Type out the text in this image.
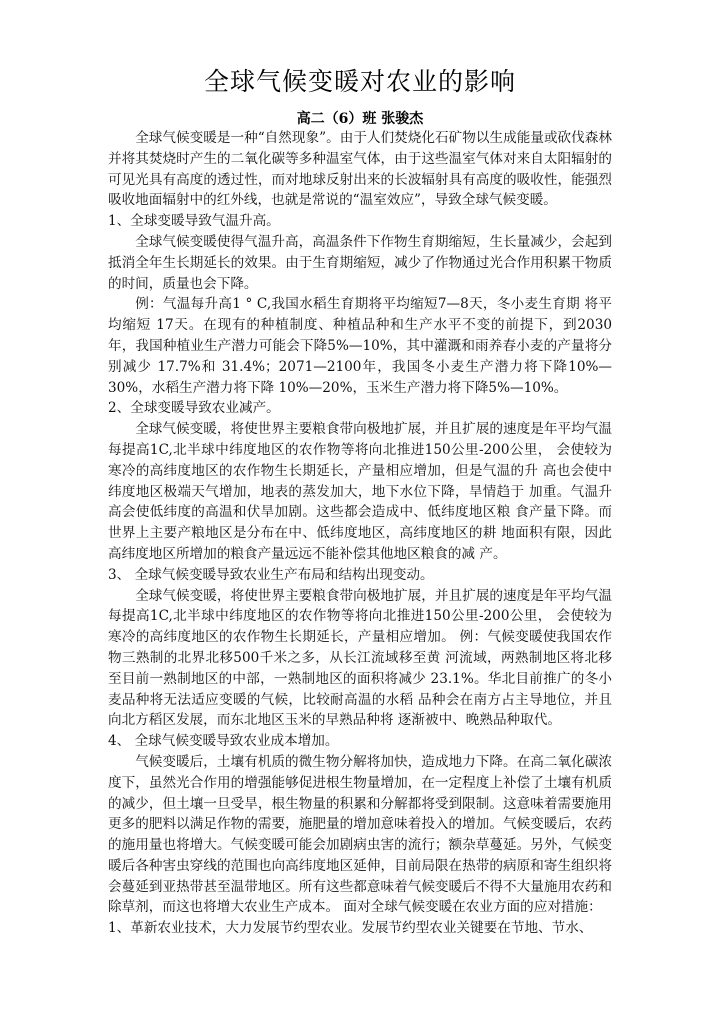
全球气候变暖对农业的影响
高二（6）班 张骏杰

全球气候变暖是一种“自然现象”。由于人们焚烧化石矿物以生成能量或砍伐森林并将其焚烧时产生的二氧化碳等多种温室气体，由于这些温室气体对来自太阳辐射的可见光具有高度的透过性，而对地球反射出来的长波辐射具有高度的吸收性，能强烈吸收地面辐射中的红外线，也就是常说的“温室效应”，导致全球气候变暖。

1、全球变暖导致气温升高。

全球气候变暖使得气温升高，高温条件下作物生育期缩短，生长量减少，会起到抵消全年生长期延长的效果。由于生育期缩短，减少了作物通过光合作用积累干物质的时间，质量也会下降。

例：气温每升高1 ° C,我国水稻生育期将平均缩短7—8天，冬小麦生育期 将平均缩短 17天。在现有的种植制度、种植品种和生产水平不变的前提下，到2030年，我国种植业生产潜力可能会下降5%—10%，其中灌溉和雨养春小麦的产量将分别减少 17.7%和 31.4%；2071—2100年，我国冬小麦生产潜力将下降10%—30%，水稻生产潜力将下降 10%—20%，玉米生产潜力将下降5%—10%。

2、全球变暖导致农业减产。

全球气候变暖，将使世界主要粮食带向极地扩展，并且扩展的速度是年平均气温每提高1C,北半球中纬度地区的农作物等将向北推进150公里-200公里， 会使较为寒冷的高纬度地区的农作物生长期延长，产量相应增加，但是气温的升 高也会使中纬度地区极端天气增加，地表的蒸发加大，地下水位下降，旱情趋于 加重。气温升高会使低纬度的高温和伏旱加剧。这些都会造成中、低纬度地区粮 食产量下降。而世界上主要产粮地区是分布在中、低纬度地区，高纬度地区的耕 地面积有限，因此高纬度地区所增加的粮食产量远远不能补偿其他地区粮食的减 产。

3、 全球气候变暖导致农业生产布局和结构出现变动。

全球气候变暖，将使世界主要粮食带向极地扩展，并且扩展的速度是年平均气温每提高1C,北半球中纬度地区的农作物等将向北推进150公里-200公里， 会使较为寒冷的高纬度地区的农作物生长期延长，产量相应增加。 例：气候变暖使我国农作物三熟制的北界北移500千米之多，从长江流域移至黄 河流域，两熟制地区将北移至目前一熟制地区的中部，一熟制地区的面积将减少 23.1%。华北目前推广的冬小麦品种将无法适应变暖的气候，比较耐高温的水稻 品种会在南方占主导地位，并且向北方稻区发展，而东北地区玉米的早熟品种将 逐渐被中、晚熟品种取代。

4、 全球气候变暖导致农业成本增加。

气候变暖后，土壤有机质的微生物分解将加快，造成地力下降。在高二氧化碳浓度下，虽然光合作用的增强能够促进根生物量增加，在一定程度上补偿了土壤有机质的减少，但土壤一旦受旱，根生物量的积累和分解都将受到限制。这意味着需要施用更多的肥料以满足作物的需要，施肥量的增加意味着投入的增加。气候变暖后，农药的施用量也将增大。气候变暖可能会加剧病虫害的流行；额杂草蔓延。另外，气候变暖后各种害虫穿线的范围也向高纬度地区延伸，目前局限在热带的病原和寄生组织将会蔓延到亚热带甚至温带地区。所有这些都意味着气候变暖后不得不大量施用农药和除草剂，而这也将增大农业生产成本。 面对全球气候变暖在农业方面的应对措施：

1、革新农业技术，大力发展节约型农业。发展节约型农业关键要在节地、节水、
